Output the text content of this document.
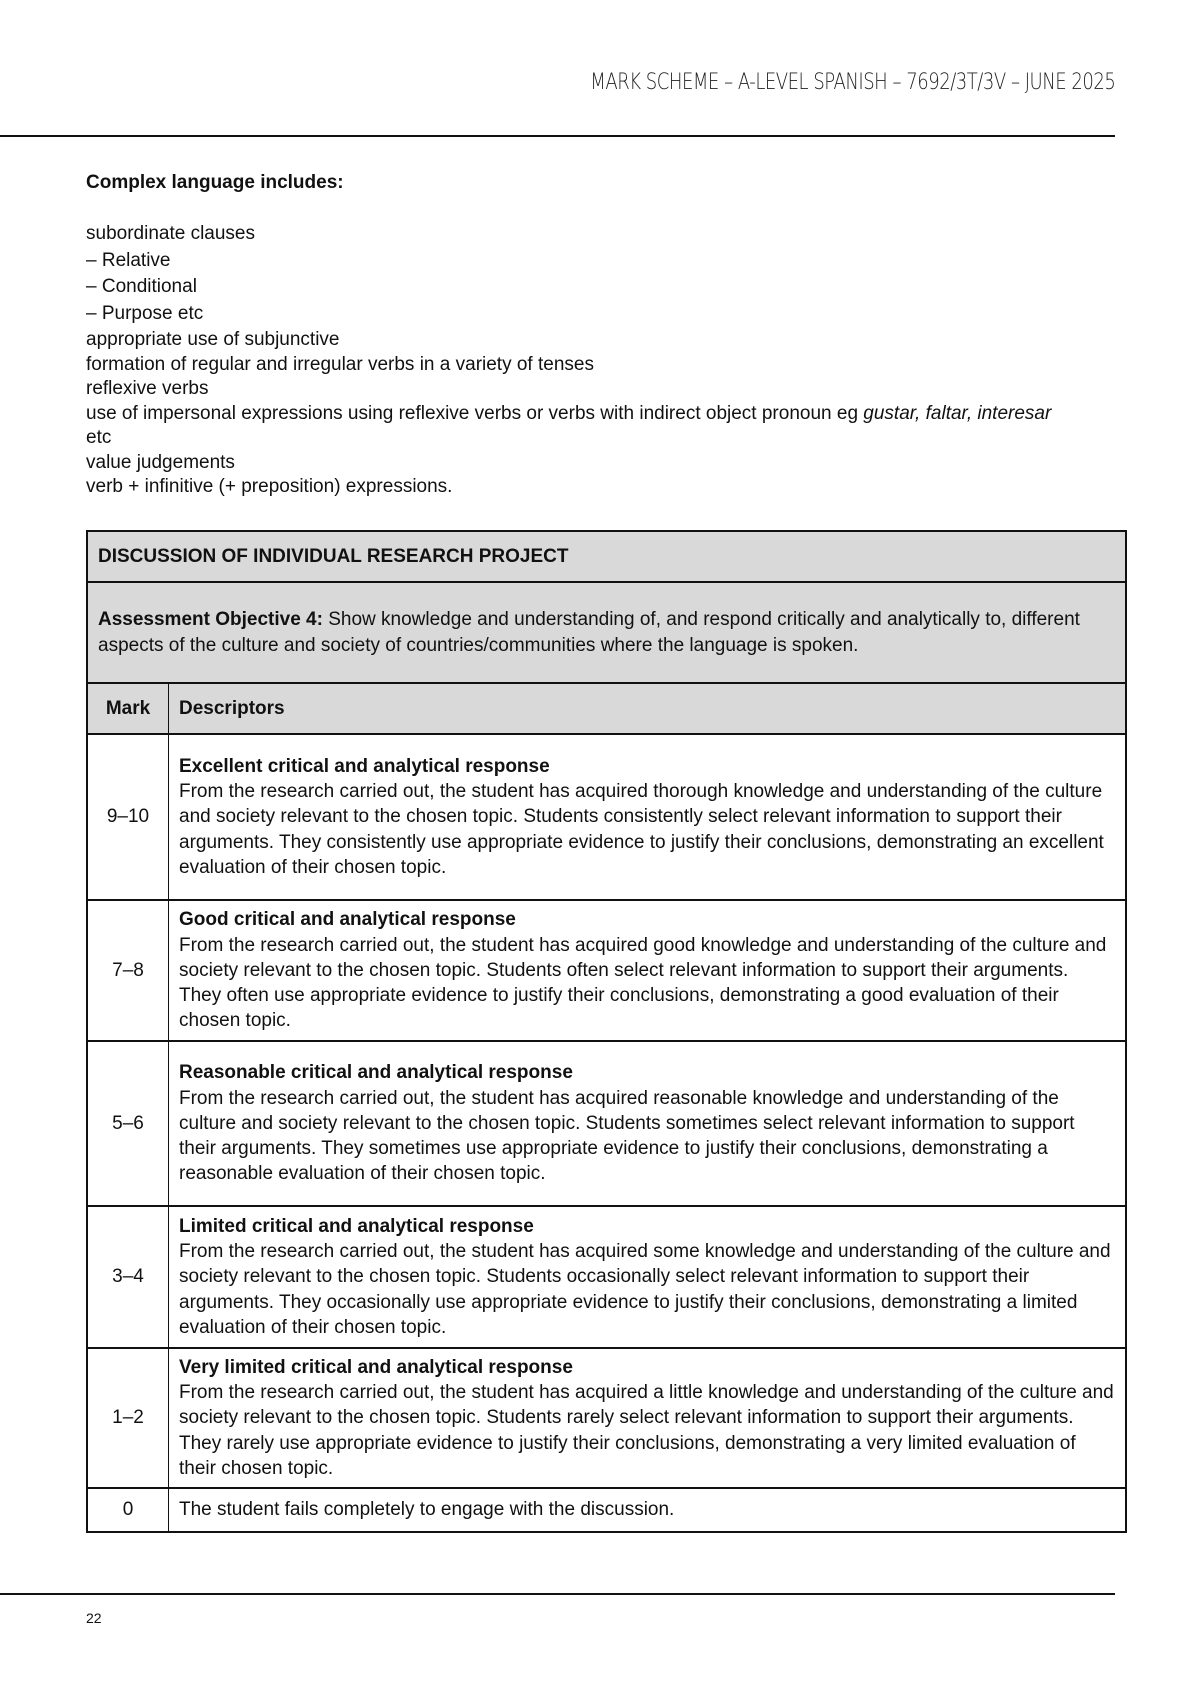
MARK SCHEME – A-LEVEL SPANISH – 7692/3T/3V – JUNE 2025
Complex language includes:
subordinate clauses
– Relative
– Conditional
– Purpose etc
appropriate use of subjunctive
formation of regular and irregular verbs in a variety of tenses
reflexive verbs
use of impersonal expressions using reflexive verbs or verbs with indirect object pronoun eg gustar, faltar, interesar etc
value judgements
verb + infinitive (+ preposition) expressions.
DISCUSSION OF INDIVIDUAL RESEARCH PROJECT	
Assessment Objective 4: Show knowledge and understanding of, and respond critically and analytically to, different aspects of the culture and society of countries/communities where the language is spoken.	
Mark	Descriptors
9–10	Excellent critical and analytical response
From the research carried out, the student has acquired thorough knowledge and understanding of the culture and society relevant to the chosen topic. Students consistently select relevant information to support their arguments. They consistently use appropriate evidence to justify their conclusions, demonstrating an excellent evaluation of their chosen topic.
7–8	Good critical and analytical response
From the research carried out, the student has acquired good knowledge and understanding of the culture and society relevant to the chosen topic. Students often select relevant information to support their arguments. They often use appropriate evidence to justify their conclusions, demonstrating a good evaluation of their chosen topic.
5–6	Reasonable critical and analytical response
From the research carried out, the student has acquired reasonable knowledge and understanding of the culture and society relevant to the chosen topic. Students sometimes select relevant information to support their arguments. They sometimes use appropriate evidence to justify their conclusions, demonstrating a reasonable evaluation of their chosen topic.
3–4	Limited critical and analytical response
From the research carried out, the student has acquired some knowledge and understanding of the culture and society relevant to the chosen topic. Students occasionally select relevant information to support their arguments. They occasionally use appropriate evidence to justify their conclusions, demonstrating a limited evaluation of their chosen topic.
1–2	Very limited critical and analytical response
From the research carried out, the student has acquired a little knowledge and understanding of the culture and society relevant to the chosen topic. Students rarely select relevant information to support their arguments. They rarely use appropriate evidence to justify their conclusions, demonstrating a very limited evaluation of their chosen topic.
0	The student fails completely to engage with the discussion.
22
